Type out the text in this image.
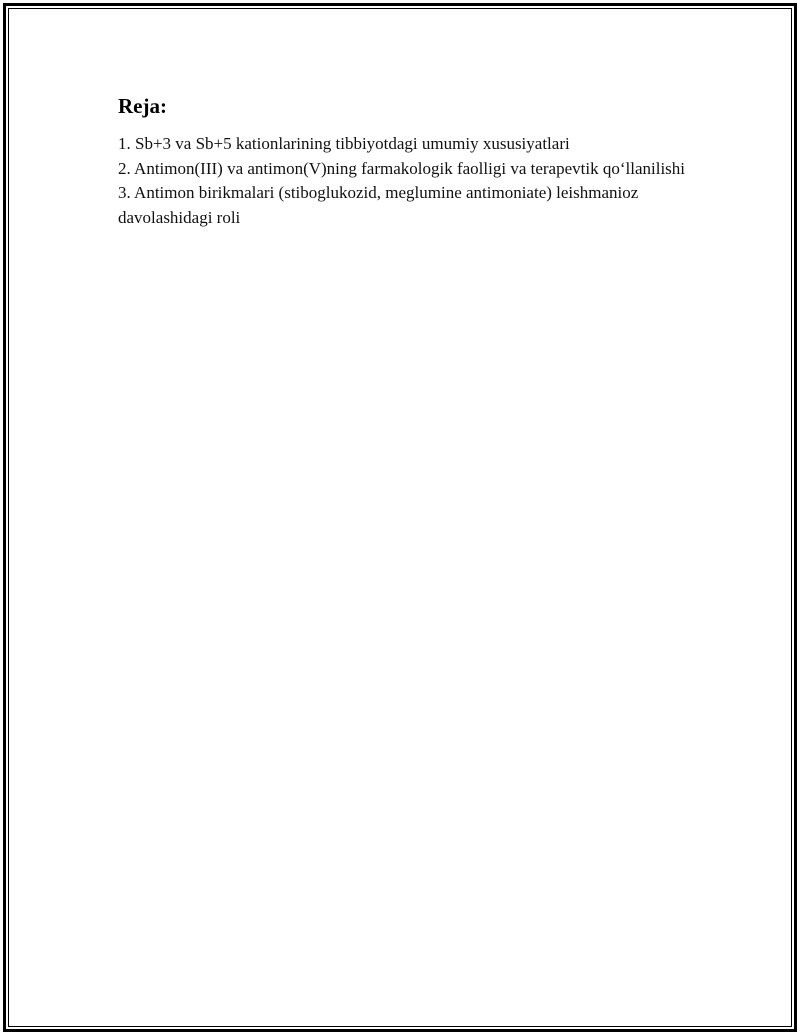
Reja:
1. Sb+3 va Sb+5 kationlarining tibbiyotdagi umumiy xususiyatlari
2. Antimon(III) va antimon(V)ning farmakologik faolligi va terapevtik qo‘llanilishi
3. Antimon birikmalari (stiboglukozid, meglumine antimoniate) leishmanioz davolashidagi roli
